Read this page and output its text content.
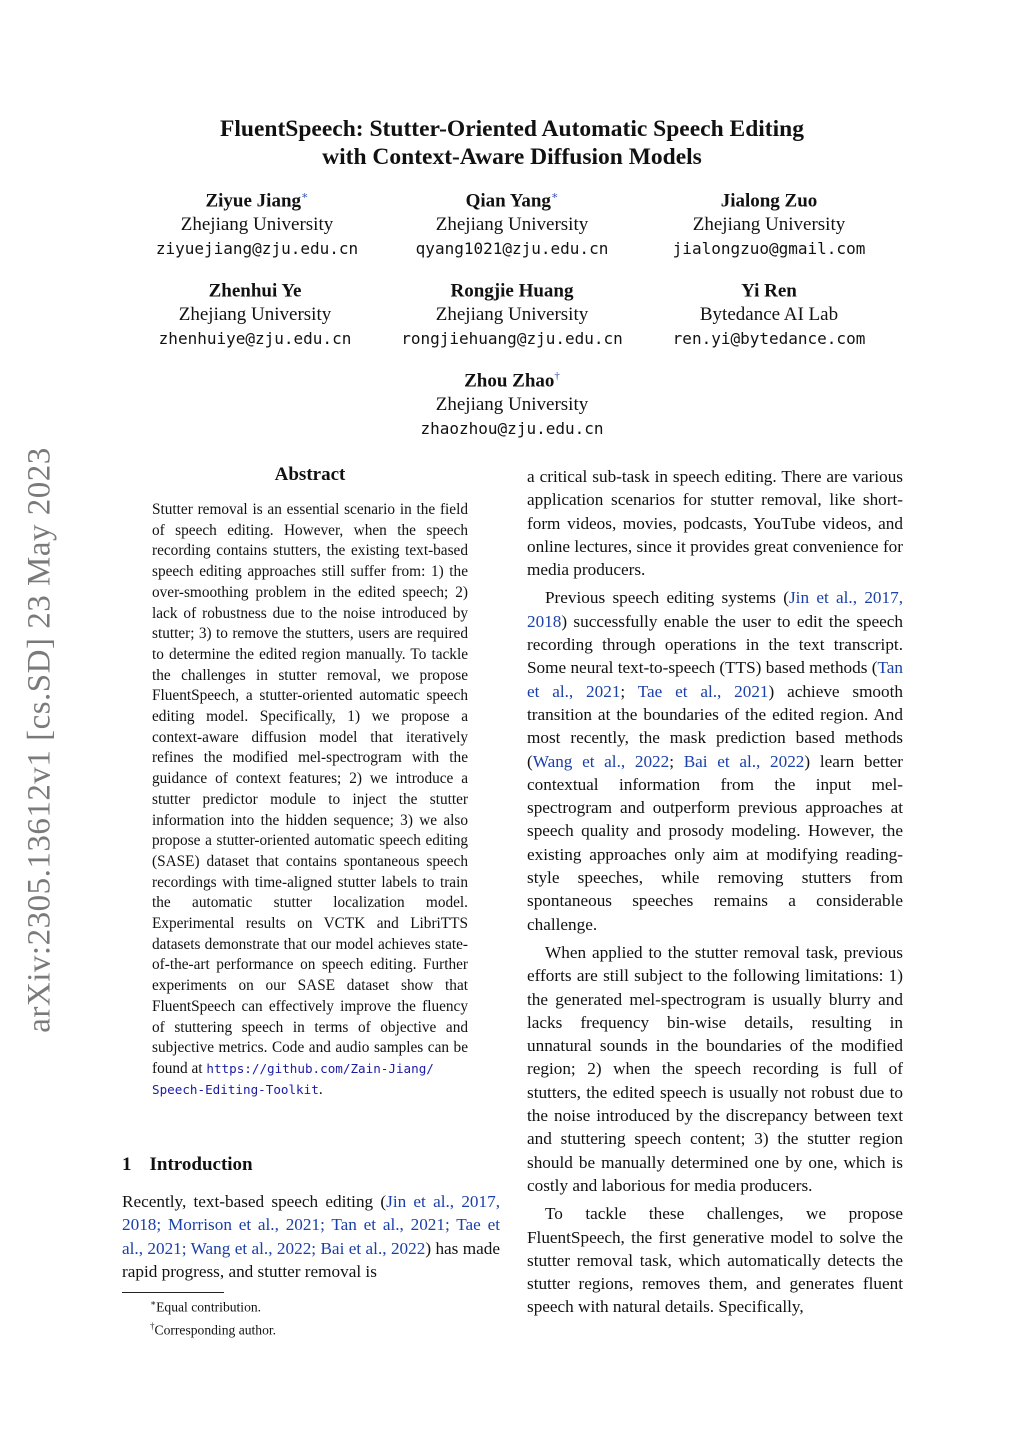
arXiv:2305.13612v1 [cs.SD] 23 May 2023
FluentSpeech: Stutter-Oriented Automatic Speech Editing
with Context-Aware Diffusion Models
Ziyue Jiang∗
Zhejiang University
ziyuejiang@zju.edu.cn
Qian Yang∗
Zhejiang University
qyang1021@zju.edu.cn
Jialong Zuo
Zhejiang University
jialongzuo@gmail.com
Zhenhui Ye
Zhejiang University
zhenhuiye@zju.edu.cn
Rongjie Huang
Zhejiang University
rongjiehuang@zju.edu.cn
Yi Ren
Bytedance AI Lab
ren.yi@bytedance.com
Zhou Zhao†
Zhejiang University
zhaozhou@zju.edu.cn
Abstract
Stutter removal is an essential scenario in the field of speech editing. However, when the speech recording contains stutters, the existing text-based speech editing approaches still suffer from: 1) the over-smoothing problem in the edited speech; 2) lack of robustness due to the noise introduced by stutter; 3) to remove the stutters, users are required to determine the edited region manually. To tackle the challenges in stutter removal, we propose FluentSpeech, a stutter-oriented automatic speech editing model. Specifically, 1) we propose a context-aware diffusion model that iteratively refines the modified mel-spectrogram with the guidance of context features; 2) we introduce a stutter predictor module to inject the stutter information into the hidden sequence; 3) we also propose a stutter-oriented automatic speech editing (SASE) dataset that contains spontaneous speech recordings with time-aligned stutter labels to train the automatic stutter localization model. Experimental results on VCTK and LibriTTS datasets demonstrate that our model achieves state-of-the-art performance on speech editing. Further experiments on our SASE dataset show that FluentSpeech can effectively improve the fluency of stuttering speech in terms of objective and subjective metrics. Code and audio samples can be found at https://github.com/Zain-Jiang/
Speech-Editing-Toolkit.
1 Introduction

Recently, text-based speech editing (Jin et al., 2017, 2018; Morrison et al., 2021; Tan et al., 2021; Tae et al., 2021; Wang et al., 2022; Bai et al., 2022) has made rapid progress, and stutter removal is

∗Equal contribution.
†Corresponding author.

a critical sub-task in speech editing. There are various application scenarios for stutter removal, like short-form videos, movies, podcasts, YouTube videos, and online lectures, since it provides great convenience for media producers.

Previous speech editing systems (Jin et al., 2017, 2018) successfully enable the user to edit the speech recording through operations in the text transcript. Some neural text-to-speech (TTS) based methods (Tan et al., 2021; Tae et al., 2021) achieve smooth transition at the boundaries of the edited region. And most recently, the mask prediction based methods (Wang et al., 2022; Bai et al., 2022) learn better contextual information from the input mel-spectrogram and outperform previous approaches at speech quality and prosody modeling. However, the existing approaches only aim at modifying reading-style speeches, while removing stutters from spontaneous speeches remains a considerable challenge.

When applied to the stutter removal task, previous efforts are still subject to the following limitations: 1) the generated mel-spectrogram is usually blurry and lacks frequency bin-wise details, resulting in unnatural sounds in the boundaries of the modified region; 2) when the speech recording is full of stutters, the edited speech is usually not robust due to the noise introduced by the discrepancy between text and stuttering speech content; 3) the stutter region should be manually determined one by one, which is costly and laborious for media producers.

To tackle these challenges, we propose FluentSpeech, the first generative model to solve the stutter removal task, which automatically detects the stutter regions, removes them, and generates fluent speech with natural details. Specifically,
